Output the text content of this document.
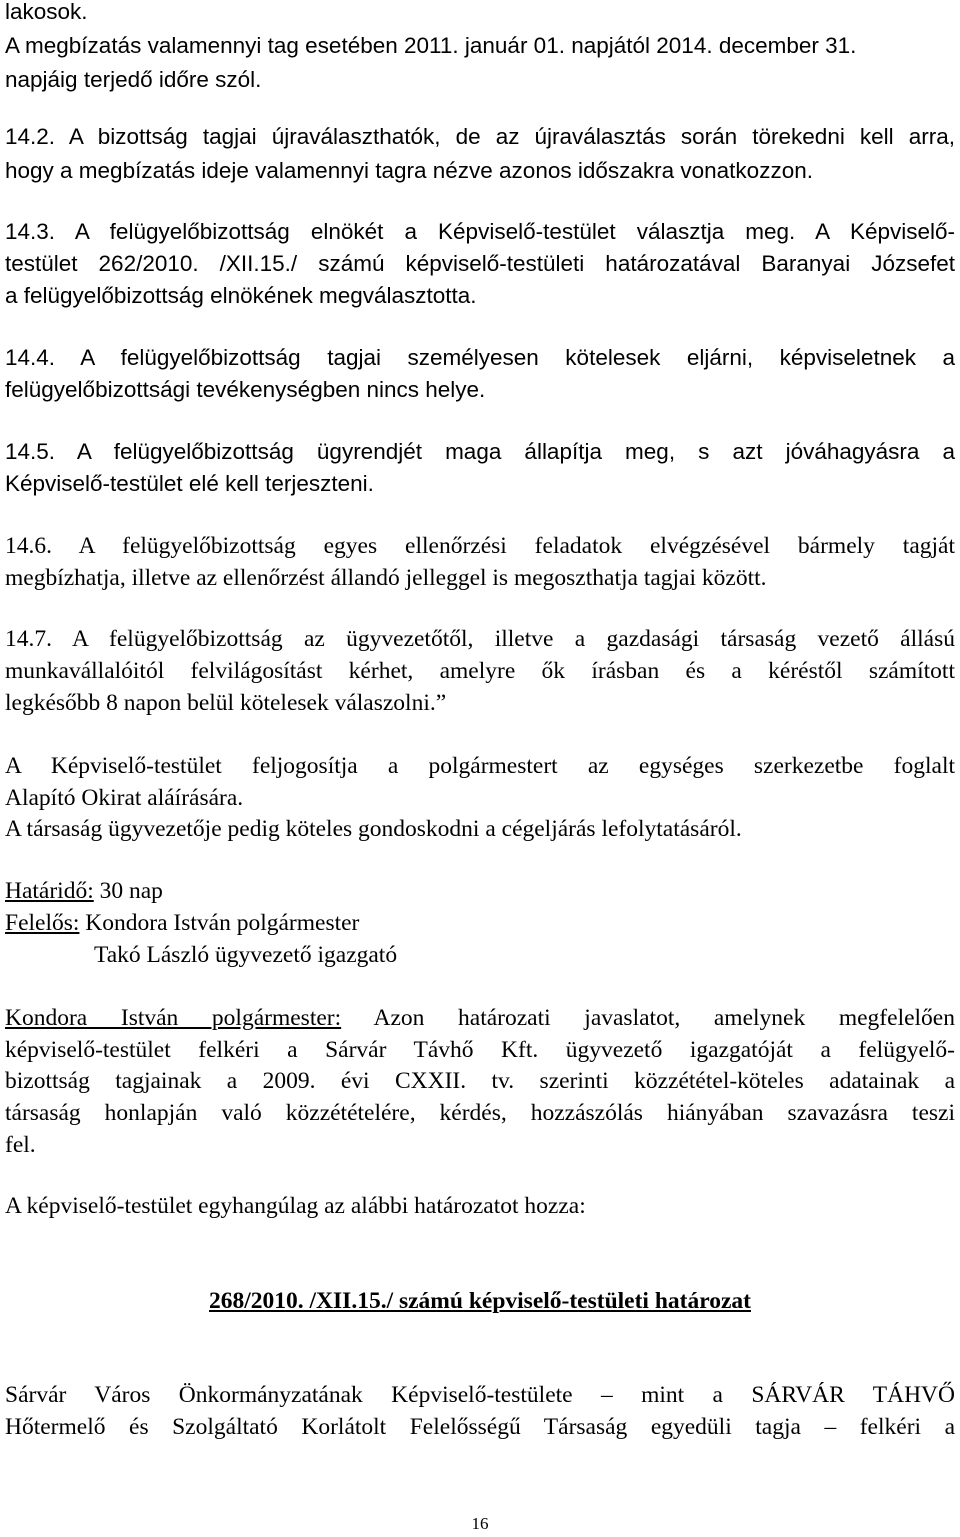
lakosok.
A megbízatás valamennyi tag esetében 2011. január 01. napjától 2014. december 31.
napjáig terjedő időre szól.
14.2. A bizottság tagjai újraválaszthatók, de az újraválasztás során törekedni kell arra,
hogy a megbízatás ideje valamennyi tagra nézve azonos időszakra vonatkozzon.
14.3. A felügyelőbizottság elnökét a Képviselő-testület választja meg. A Képviselő-
testület 262/2010. /XII.15./ számú képviselő-testületi határozatával Baranyai Józsefet
a felügyelőbizottság elnökének megválasztotta.
14.4. A felügyelőbizottság tagjai személyesen kötelesek eljárni, képviseletnek a
felügyelőbizottsági tevékenységben nincs helye.
14.5. A felügyelőbizottság ügyrendjét maga állapítja meg, s azt jóváhagyásra a
Képviselő-testület elé kell terjeszteni.
14.6. A felügyelőbizottság egyes ellenőrzési feladatok elvégzésével bármely tagját
megbízhatja, illetve az ellenőrzést állandó jelleggel is megoszthatja tagjai között.
14.7. A felügyelőbizottság az ügyvezetőtől, illetve a gazdasági társaság vezető állású
munkavállalóitól felvilágosítást kérhet, amelyre ők írásban és a kéréstől számított
legkésőbb 8 napon belül kötelesek válaszolni.”
A Képviselő-testület feljogosítja a polgármestert az egységes szerkezetbe foglalt
Alapító Okirat aláírására.
A társaság ügyvezetője pedig köteles gondoskodni a cégeljárás lefolytatásáról.
Határidő: 30 nap
Felelős: Kondora István polgármester
Takó László ügyvezető igazgató
Kondora István polgármester: Azon határozati javaslatot, amelynek megfelelően
képviselő-testület felkéri a Sárvár Távhő Kft. ügyvezető igazgatóját a felügyelő-
bizottság tagjainak a 2009. évi CXXII. tv. szerinti közzététel-köteles adatainak a
társaság honlapján való közzétételére, kérdés, hozzászólás hiányában szavazásra teszi
fel.
A képviselő-testület egyhangúlag az alábbi határozatot hozza:
268/2010. /XII.15./ számú képviselő-testületi határozat
Sárvár Város Önkormányzatának Képviselő-testülete – mint a SÁRVÁR TÁHVŐ
Hőtermelő és Szolgáltató Korlátolt Felelősségű Társaság egyedüli tagja – felkéri a
16
